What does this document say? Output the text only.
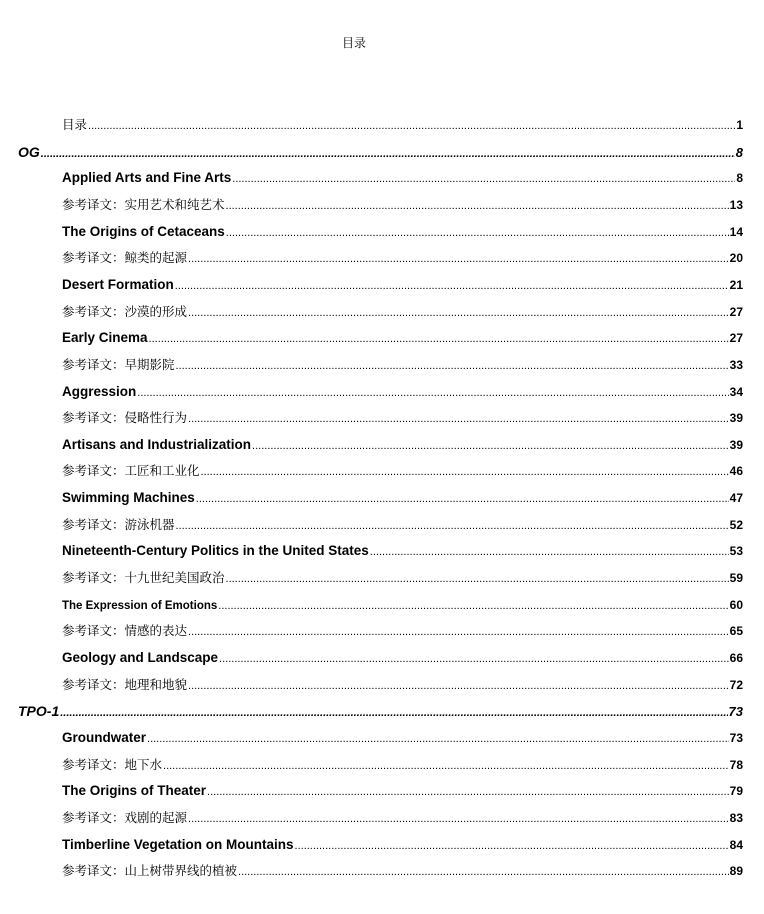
目录
目录 .....	1
OG .....	8
Applied Arts and Fine Arts .....	8
参考译文：实用艺术和纯艺术 .....	13
The Origins of Cetaceans .....	14
参考译文：鲸类的起源 .....	20
Desert Formation .....	21
参考译文：沙漠的形成 .....	27
Early Cinema .....	27
参考译文：早期影院 .....	33
Aggression .....	34
参考译文：侵略性行为 .....	39
Artisans and Industrialization .....	39
参考译文：工匠和工业化 .....	46
Swimming Machines .....	47
参考译文：游泳机器 .....	52
Nineteenth-Century Politics in the United States .....	53
参考译文：十九世纪美国政治 .....	59
The Expression of Emotions .....	60
参考译文：情感的表达 .....	65
Geology and Landscape .....	66
参考译文：地理和地貌 .....	72
TPO-1 .....	73
Groundwater .....	73
参考译文：地下水 .....	78
The Origins of Theater .....	79
参考译文：戏剧的起源 .....	83
Timberline Vegetation on Mountains .....	84
参考译文：山上树带界线的植被 .....	89
